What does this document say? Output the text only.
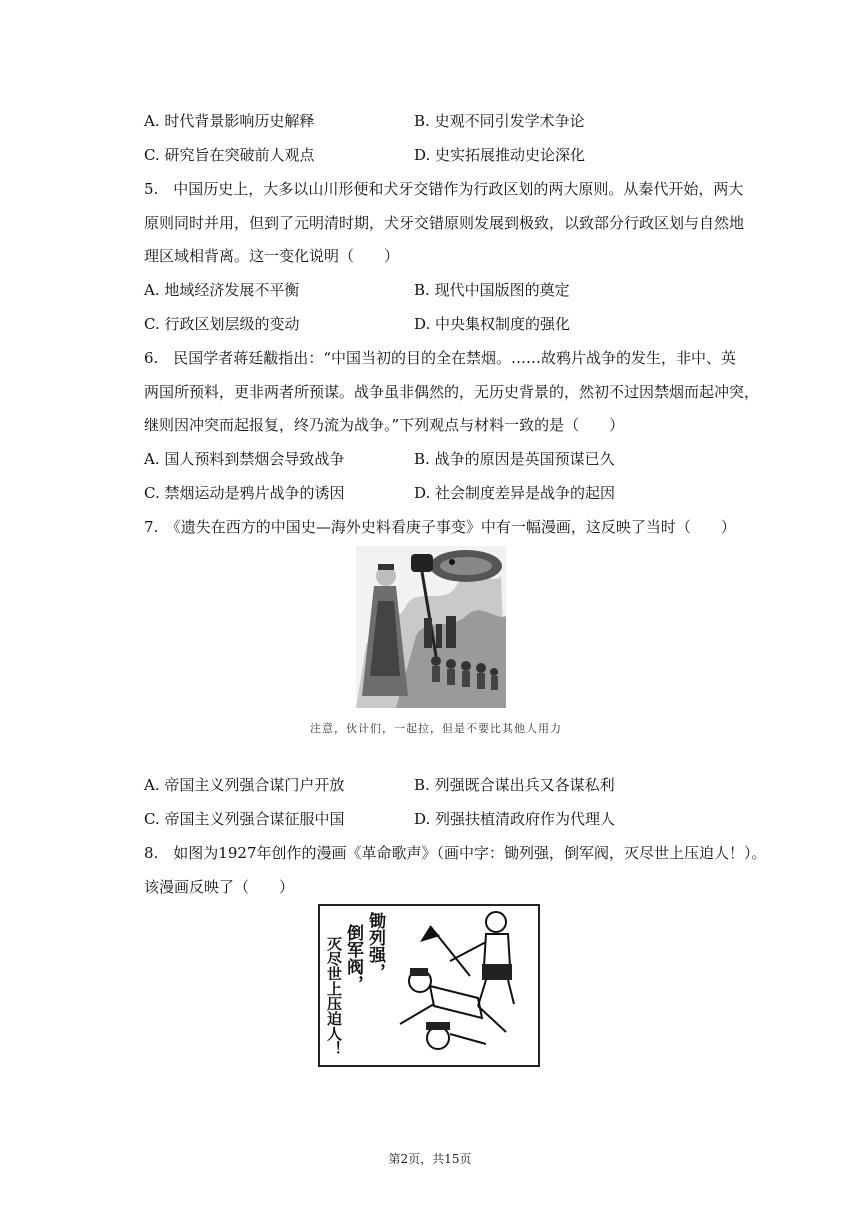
A. 时代背景影响历史解释	B. 史观不同引发学术争论
C. 研究旨在突破前人观点	D. 史实拓展推动史论深化
5.　中国历史上，大多以山川形便和犬牙交错作为行政区划的两大原则。从秦代开始，两大
原则同时并用，但到了元明清时期，犬牙交错原则发展到极致，以致部分行政区划与自然地
理区域相背离。这一变化说明（　　）
A. 地域经济发展不平衡	B. 现代中国版图的奠定
C. 行政区划层级的变动	D. 中央集权制度的强化
6.　民国学者蒋廷黻指出：“中国当初的目的全在禁烟。……故鸦片战争的发生，非中、英
两国所预料，更非两者所预谋。战争虽非偶然的，无历史背景的，然初不过因禁烟而起冲突，
继则因冲突而起报复，终乃流为战争。”下列观点与材料一致的是（　　）
A. 国人预料到禁烟会导致战争	B. 战争的原因是英国预谋已久
C. 禁烟运动是鸦片战争的诱因	D. 社会制度差异是战争的起因
7.　《遗失在西方的中国史—海外史料看庚子事变》中有一幅漫画，这反映了当时（　　）
注意，伙计们，一起拉，但是不要比其他人用力
A. 帝国主义列强合谋门户开放	B. 列强既合谋出兵又各谋私利
C. 帝国主义列强合谋征服中国	D. 列强扶植清政府作为代理人
8.　如图为1927年创作的漫画《革命歌声》（画中字：锄列强，倒军阀，灭尽世上压迫人！）。
该漫画反映了（　　）
锄列强，
倒军阀，
灭尽世上压迫人！
第2页，共15页
